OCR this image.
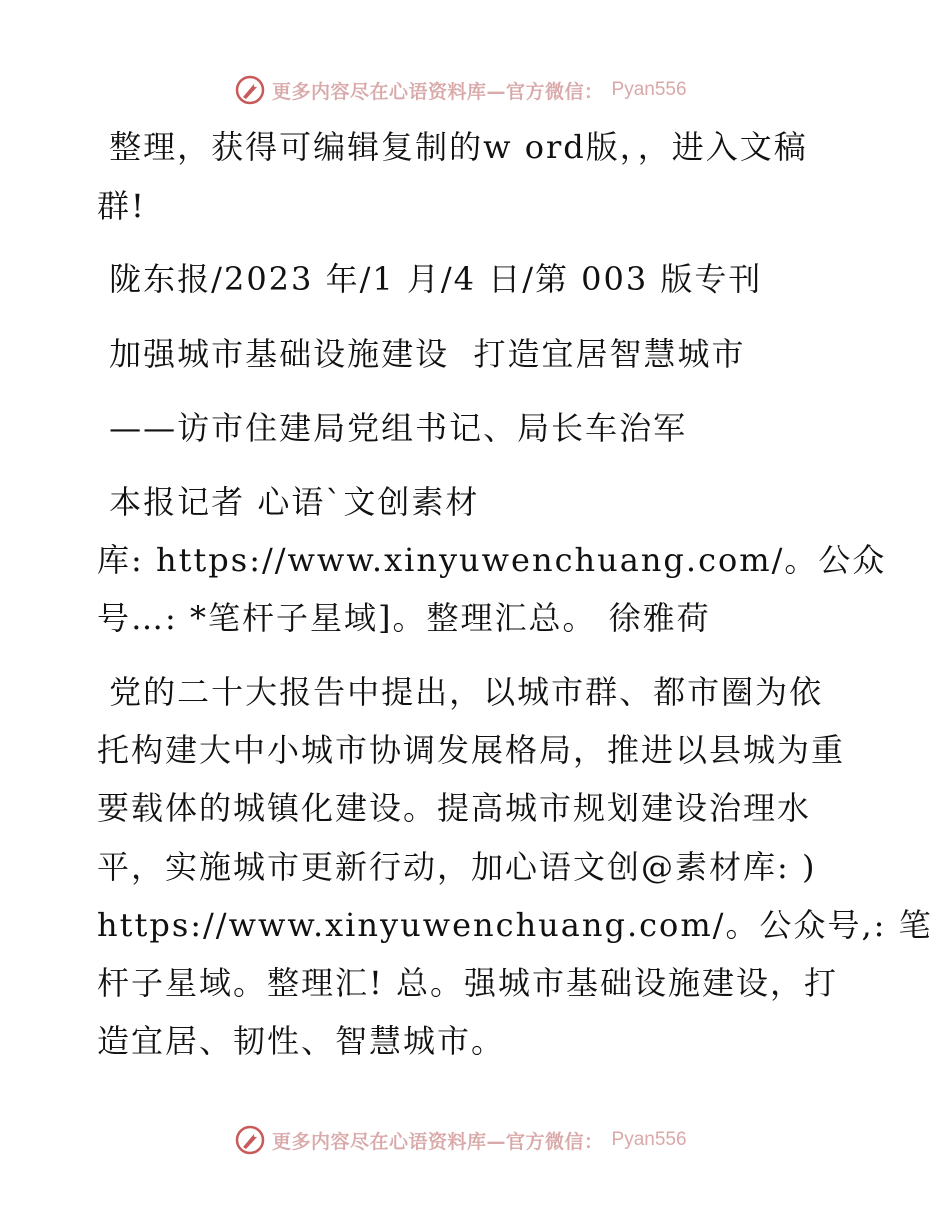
更多内容尽在心语资料库—官方微信： Pyan556
整理，获得可编辑复制的w ord版，，进入文稿
群!
陇东报/2023 年/1 月/4 日/第 003 版专刊
加强城市基础设施建设  打造宜居智慧城市
——访市住建局党组书记、局长车治军
本报记者 心语`文创素材
库: https://www.xinyuwenchuang.com/。公众
号…: *笔杆子星域]。整理汇总。 徐雅荷
党的二十大报告中提出，以城市群、都市圈为依
托构建大中小城市协调发展格局，推进以县城为重
要载体的城镇化建设。提高城市规划建设治理水
平，实施城市更新行动，加心语文创@素材库: )
https://www.xinyuwenchuang.com/。公众号,: 笔
杆子星域。整理汇! 总。强城市基础设施建设，打
造宜居、韧性、智慧城市。
更多内容尽在心语资料库—官方微信： Pyan556
